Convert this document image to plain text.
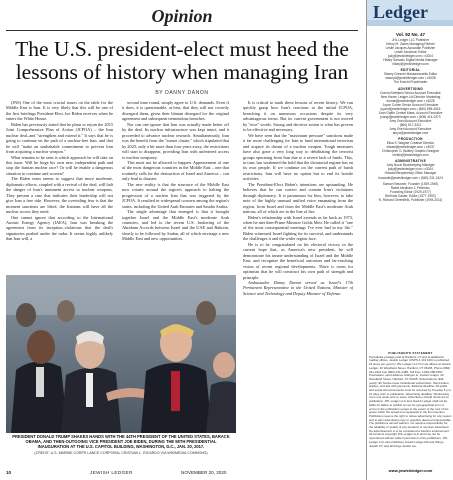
Opinion
The U.S. president-elect must heed the lessons of history when managing Iran
BY DANNY DANON

(JNS) One of the most crucial issues on the table for the Middle East is Iran. It is very likely that this will be one of the first briefings President-Elect Joe Biden receives when he enters the White House.

Biden has previously stated that he plans to rejoin the 2015 Joint Comprehensive Plan of Action (JCPOA) – the Iran nuclear deal–and "strengthen and extend it." It says that he is going to continue on the path of a nuclear-free Iran, and that he will "make an unshakable commitment to prevent Iran from acquiring a nuclear weapon."

What remains to be seen is which approach he will take on this issue. Will he forge his own new, independent path and stop the Iranian nuclear race? Or will he enable a dangerous situation to continue and worsen?

The Biden team seems to suggest that more moderate, diplomatic efforts, coupled with a revival of the deal, will halt the danger of Iran's imminent access to nuclear weapons. They present a case that indicates their leadership will not give Iran a free ride. However, the overriding fear is that the moment sanctions are lifted, the Iranians will have all the nuclear access they need.

One cannot ignore that according to the International Atomic Energy Agency (IAEA), Iran was breaking the agreement from its inception–violations that the deal's signatories pushed under the radar. It seems highly unlikely that Iran will, a

second time round, simply agree to U.S. demands. Even if it does, it is questionable, at best, that they will not covertly disregard them, given their blatant disregard for the original agreement and subsequent tremendous breaches.

Nor can one ignore that Iran was actually made better off by the deal. Its nuclear infrastructure was kept intact, and it proceeded to advance nuclear research. Simultaneously, Iran was the benefit from the "sunset clause," which stipulated that by 2025, only a bit more than four years away, the restrictions will start to disappear, providing Iran with unfettered access to nuclear weaponry.

This must not be allowed to happen. Appeasement of one of the most dangerous countries in the Middle East – one that routinely calls for the destruction of Israel and America – can only lead to disaster.

The new reality is that the structure of the Middle East now rotates around the region's approach to halting the progression of a nuclear Iran that was triggered by the JCPOA. It resulted in widespread concern among the region's states, including the United Arab Emirates and Saudia Arabia.

The single advantage that emerged is that it brought together Israel and the Middle East's moderate Arab countries, and led to the recent U.S. brokering of the Abraham Accords between Israel and the UAE and Bahrain, shortly to be followed by Sudan, all of which envisage a new Middle East and new opportunities.

It is critical to mark these lessons of recent history. We can quickly grasp how Iran's reactions to the initial JCPOA, breaching it on numerous occasions despite its very advantageous terms. But its current government is not moved by "nice" words. Strong and decisive action is what has proven to be effective and necessary.

We have seen that the "maximum pressure" sanctions made it far more challenging for Iran to fund international terrorism and acquire its dream of a nuclear weapon. Tough measures have also gone a very long way to debilitating the terrorist groups operating from Iran due to a severe lack of funds. This, in turn, has weakened the hold that the dictatorial regime has on its own people. If we continue on the current path of harsh restrictions, Iran will have no option but to end its hostile activities.

The President-Elect Biden's intentions are upstanding. He believes that he can correct and contain Iran's violations through diplomacy. It is paramount for him, however, to take note of the highly unusual unified voice emanating from the region, from Israel and from the Middle East's moderate Arab nations, all of which are in the line of fire.

Biden's relationship with Israel extends as far back as 1973, when he met then-Prime Minister Golda Meir. He called it "one of the most consequential meetings I've ever had in my life." Biden witnessed Israel fighting for its survival, and understands the challenges it and the wider region face.

He is to be congratulated on his electoral victory in the current hope that, as America's new president, he will demonstrate his innate understanding of Israel and the Middle East, and recognize the beneficial outcomes and far-reaching vision of recent regional developments. There is room for optimism that he will construct his own path of strength and principle.

Ambassador Danny Danon served as Israel's 17th Permanent Representative to the United Nations, Minister of Science and Technology and Deputy Minister of Defense.

PRESIDENT DONALD TRUMP SHAKES HANDS WITH THE 44TH PRESIDENT OF THE UNITED STATES, BARACK OBAMA, AND THEN-OUTGOING VICE PRESIDENT JOE BIDEN, DURING THE 58TH PRESIDENTIAL INAUGURATION AT THE U.S. CAPITOL BUILDING, WASHINGTON, D.C., JAN. 20, 2017.
(CREDIT: U.S. MARINE CORPS LANCE CORPORAL CRISTIAN L. RICARDO VIA WIKIMEDIA COMMONS)
10	JEWISH LEDGER	NOVEMBER 20, 2020
Ledger
Vol. 92 No. 47
JHL Ledger LLC Publisher
Henry M. Zachs Managing Partner
Leslie Jacques Associate Publisher
Leslie Jacobson Editor
judy@jewishledger.com • x3024
Hillary Sarrasin Digital Media Manager
hillary@jewishledger.com
EDITORIAL
Stacey Dresner Massachusetts Editor
staceyd@jewishledger.com • x3008
Tim Knecht Proofreader
ADVERTISING
Donna Edelstein Senior Account Executive
New Haven Ledger Ltd Director Marketing
donna@jewishledger.com • x3028
Joyce Cohen Senior Account Executive
joyce@jewishledger.com • (860) 655-4516
Joan Gaffin Central Mass. Account Executive
joang@jewishledger.com • (508) 414-0373
Amy Oved Account Executive
(860) 517-3311
Amy Oved Account Executive
amyo@jewishledger.com
PRODUCTION
Elisa S. Wagner Creative Director
elisaw@jewishledger.com • x3037
Christopher G. Bulkley Graphic Designer
chrisb@jewishledger.com
ADMINISTRATIVE
Judy Nuzzi Bookkeeping Manager
judy@jewishledger.com • x3024
Howard Bezpenesky Office Manager
howardb@jewishledger.com • (860) 231-2424
Samuel Neusner, Founder (1929-1945)
Rabbi Abraham J. Feldman,
Founding Editor (1929-1977)
Berthold Gaster, Editor (1977-1992)
N. Richard Greenfield, Publisher (1994-2011)
PUBLISHER'S STATEMENT
Periodicals postage paid at Hartford, CT and at additional mailing offices. Jewish Ledger (USPS 4 101 100) is published 24 times per year by JHL Ledger LLC from its offices at Jewish Ledger, 40 Woodland Street, Hartford, CT 06105, Phone (860) 231-2424 Fax (860) 231-2485, Toll Free 1-800-286-6397. Postmaster, send address changes to: Jewish Ledger, 40 Woodland Street, Hartford, CT 06105. Subscriptions: $36 yearly; $1 Twelve issue institutional subscription. Send letters, articles, and ads with payments. Editorial deadline: All public and social announcements must be received by Tuesday 5 p.m. 10 days prior to publication. Advertising deadline: Wednesday noon one week prior to issue. Advertisers should check ad on publication. JHL Ledger LLC and Jewish Ledger shall not be liable for failure to publish an ad, for typographical error or errors in the publication except to the extent of the cost of the space which the actual error appeared in the first insertion. Publishers reserve the right to refuse advertising for any reason and to alter advertising copy or graphics deemed unacceptable. The publishers cannot warrant, nor assume responsibility for, the reliability or quality of any products or services advertised. No advertisement is to be considered a Kashrut endorsement. All contents copyright JHL Ledger LLC and may not be reproduced without written permission of the publishers. JHL Ledger LLC also publishes Jewish Ledger MA and Wingo Jewish CT, and all things Jewish too.
www.jewishledger.com
